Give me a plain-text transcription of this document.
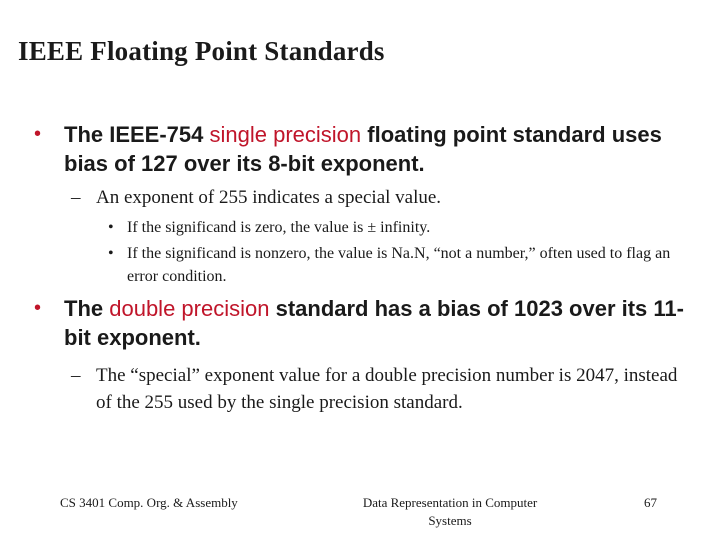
IEEE Floating Point Standards
• The IEEE-754 single precision floating point standard uses bias of 127 over its 8-bit exponent.
– An exponent of 255 indicates a special value.
• If the significand is zero, the value is ± infinity.
• If the significand is nonzero, the value is Na.N, “not a number,” often used to flag an error condition.
• The double precision standard has a bias of 1023 over its 11-bit exponent.
– The “special” exponent value for a double precision number is 2047, instead of the 255 used by the single precision standard.
CS 3401 Comp. Org. & Assembly	Data Representation in Computer Systems
67
